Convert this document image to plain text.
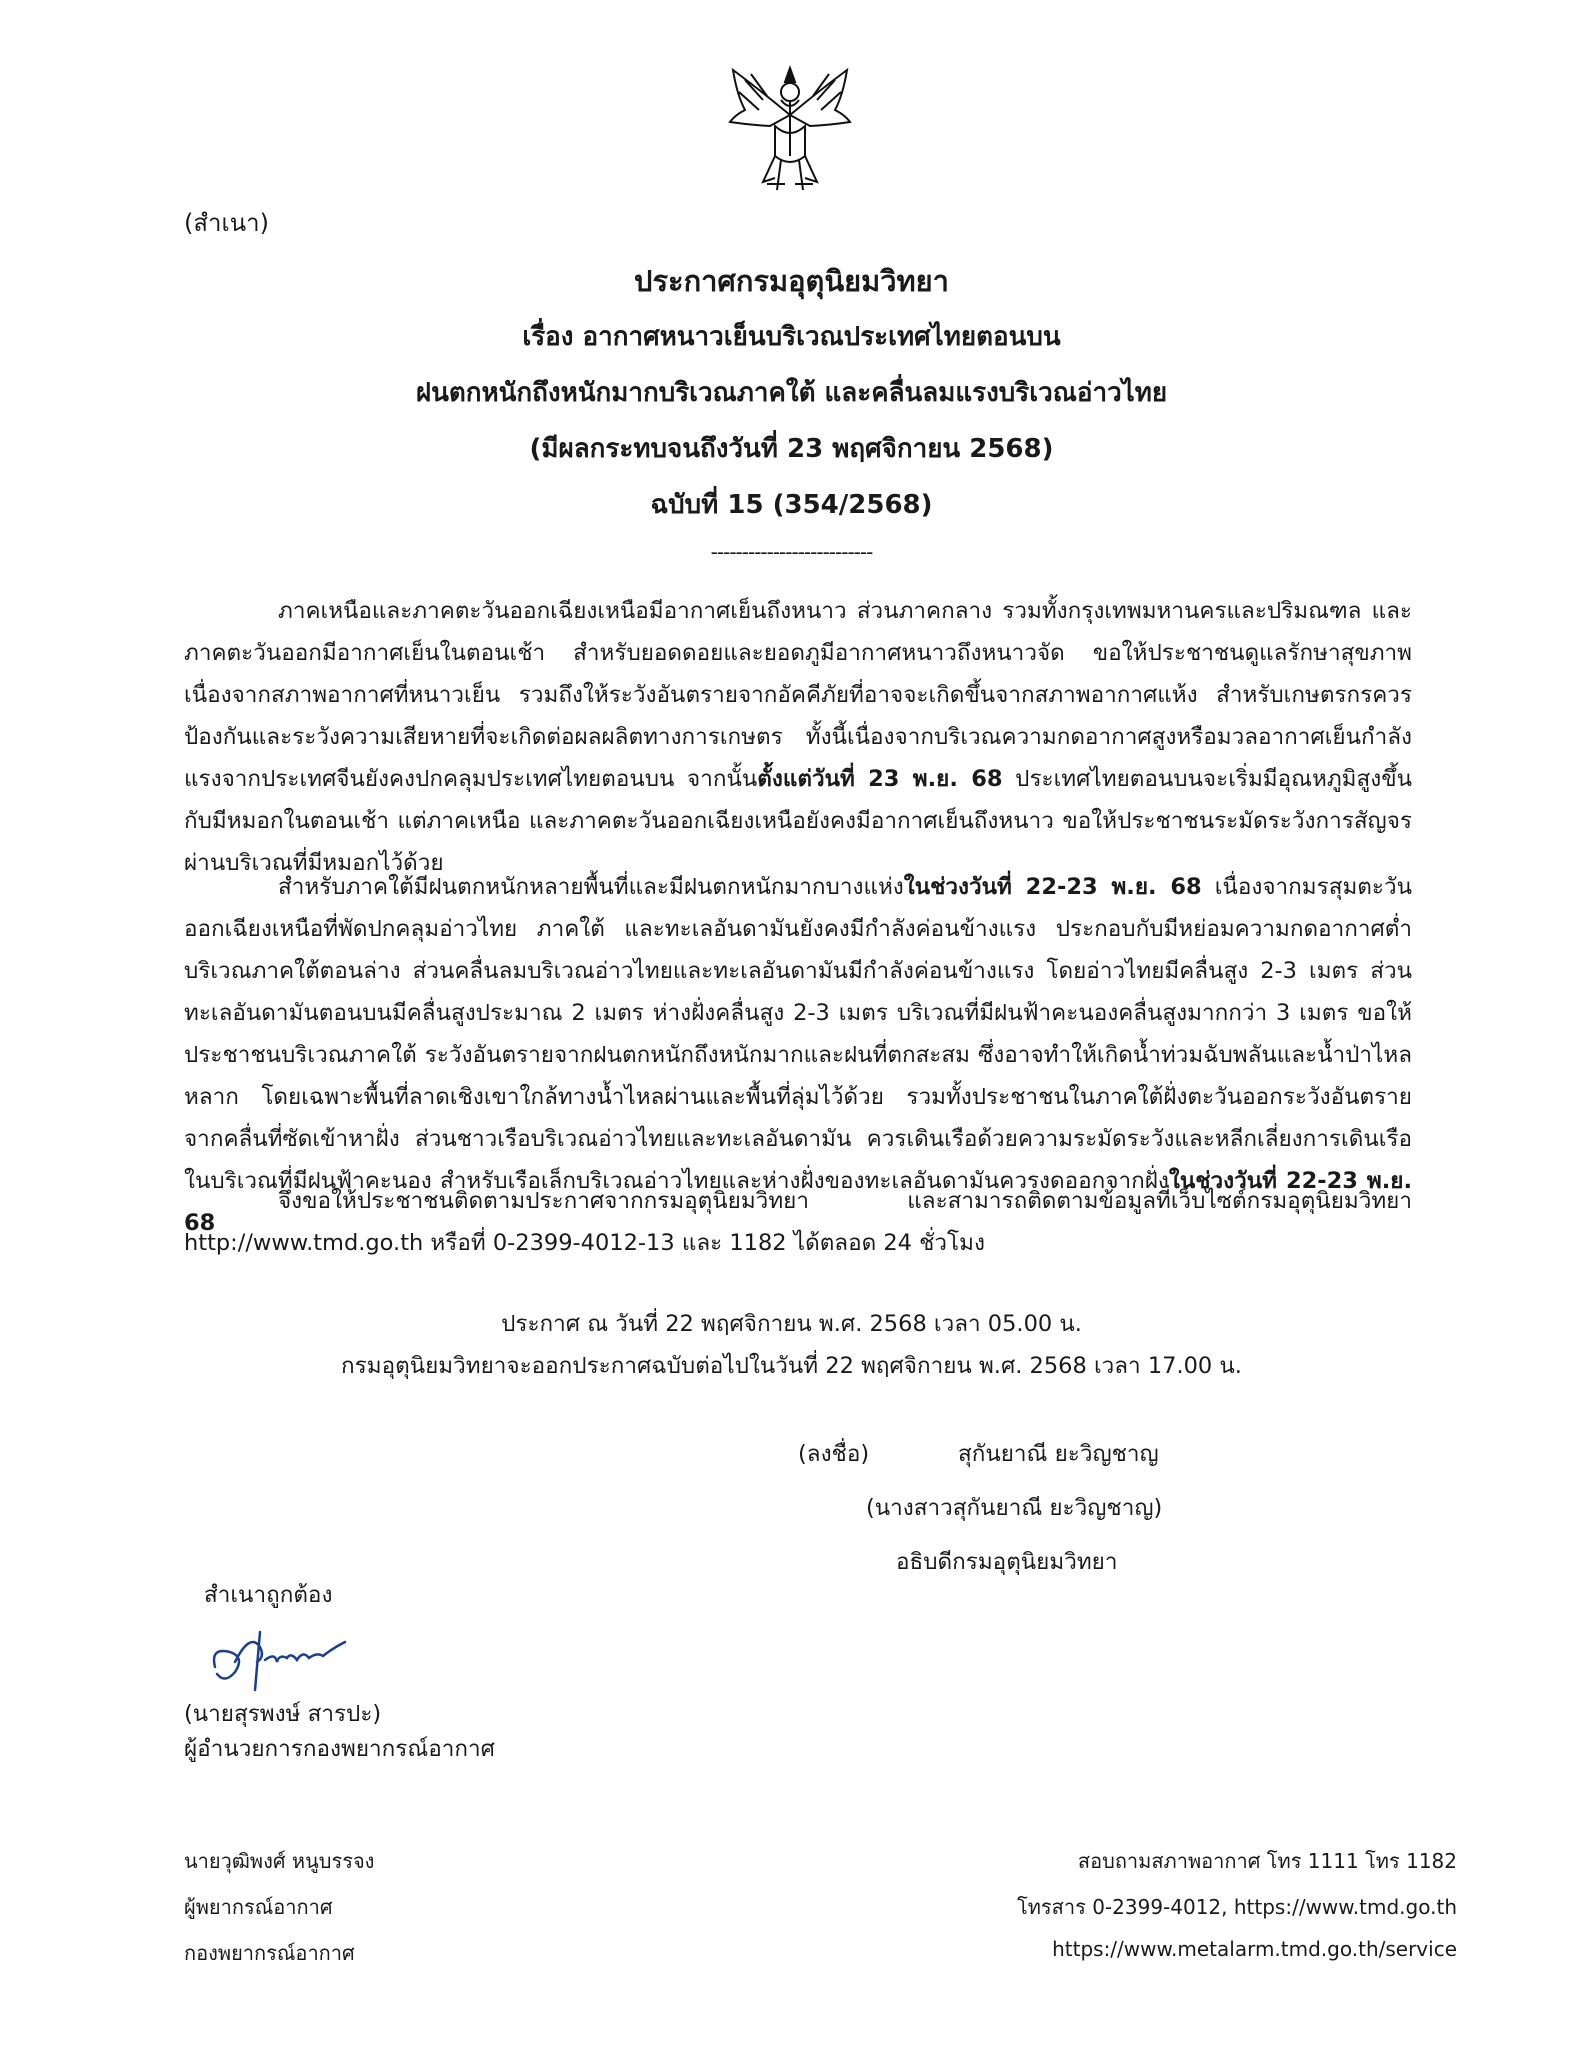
(สำเนา)

ประกาศกรมอุตุนิยมวิทยา

เรื่อง อากาศหนาวเย็นบริเวณประเทศไทยตอนบน

ฝนตกหนักถึงหนักมากบริเวณภาคใต้ และคลื่นลมแรงบริเวณอ่าวไทย

(มีผลกระทบจนถึงวันที่ 23 พฤศจิกายน 2568)

ฉบับที่ 15 (354/2568)

--------------------------

ภาคเหนือและภาคตะวันออกเฉียงเหนือมีอากาศเย็นถึงหนาว ส่วนภาคกลาง รวมทั้งกรุงเทพมหานครและปริมณฑล และภาคตะวันออกมีอากาศเย็นในตอนเช้า สำหรับยอดดอยและยอดภูมีอากาศหนาวถึงหนาวจัด ขอให้ประชาชนดูแลรักษาสุขภาพเนื่องจากสภาพอากาศที่หนาวเย็น รวมถึงให้ระวังอันตรายจากอัคคีภัยที่อาจจะเกิดขึ้นจากสภาพอากาศแห้ง สำหรับเกษตรกรควรป้องกันและระวังความเสียหายที่จะเกิดต่อผลผลิตทางการเกษตร ทั้งนี้เนื่องจากบริเวณความกดอากาศสูงหรือมวลอากาศเย็นกำลังแรงจากประเทศจีนยังคงปกคลุมประเทศไทยตอนบน จากนั้นตั้งแต่วันที่ 23 พ.ย. 68 ประเทศไทยตอนบนจะเริ่มมีอุณหภูมิสูงขึ้นกับมีหมอกในตอนเช้า แต่ภาคเหนือ และภาคตะวันออกเฉียงเหนือยังคงมีอากาศเย็นถึงหนาว ขอให้ประชาชนระมัดระวังการสัญจรผ่านบริเวณที่มีหมอกไว้ด้วย

สำหรับภาคใต้มีฝนตกหนักหลายพื้นที่และมีฝนตกหนักมากบางแห่งในช่วงวันที่ 22-23 พ.ย. 68 เนื่องจากมรสุมตะวันออกเฉียงเหนือที่พัดปกคลุมอ่าวไทย ภาคใต้ และทะเลอันดามันยังคงมีกำลังค่อนข้างแรง ประกอบกับมีหย่อมความกดอากาศต่ำบริเวณภาคใต้ตอนล่าง ส่วนคลื่นลมบริเวณอ่าวไทยและทะเลอันดามันมีกำลังค่อนข้างแรง โดยอ่าวไทยมีคลื่นสูง 2-3 เมตร ส่วนทะเลอันดามันตอนบนมีคลื่นสูงประมาณ 2 เมตร ห่างฝั่งคลื่นสูง 2-3 เมตร บริเวณที่มีฝนฟ้าคะนองคลื่นสูงมากกว่า 3 เมตร ขอให้ประชาชนบริเวณภาคใต้ ระวังอันตรายจากฝนตกหนักถึงหนักมากและฝนที่ตกสะสม ซึ่งอาจทำให้เกิดน้ำท่วมฉับพลันและน้ำป่าไหลหลาก โดยเฉพาะพื้นที่ลาดเชิงเขาใกล้ทางน้ำไหลผ่านและพื้นที่ลุ่มไว้ด้วย รวมทั้งประชาชนในภาคใต้ฝั่งตะวันออกระวังอันตรายจากคลื่นที่ซัดเข้าหาฝั่ง ส่วนชาวเรือบริเวณอ่าวไทยและทะเลอันดามัน ควรเดินเรือด้วยความระมัดระวังและหลีกเลี่ยงการเดินเรือในบริเวณที่มีฝนฟ้าคะนอง สำหรับเรือเล็กบริเวณอ่าวไทยและห่างฝั่งของทะเลอันดามันควรงดออกจากฝั่งในช่วงวันที่ 22-23 พ.ย. 68

จึงขอให้ประชาชนติดตามประกาศจากกรมอุตุนิยมวิทยา และสามารถติดตามข้อมูลที่เว็บไซต์กรมอุตุนิยมวิทยา http://www.tmd.go.th หรือที่ 0-2399-4012-13 และ 1182 ได้ตลอด 24 ชั่วโมง

ประกาศ ณ วันที่ 22 พฤศจิกายน พ.ศ. 2568 เวลา 05.00 น.

กรมอุตุนิยมวิทยาจะออกประกาศฉบับต่อไปในวันที่ 22 พฤศจิกายน พ.ศ. 2568 เวลา 17.00 น.

(ลงชื่อ)	สุกันยาณี ยะวิญชาญ

(นางสาวสุกันยาณี ยะวิญชาญ)

อธิบดีกรมอุตุนิยมวิทยา

สำเนาถูกต้อง

(นายสุรพงษ์ สารปะ)

ผู้อำนวยการกองพยากรณ์อากาศ

นายวุฒิพงศ์ หนูบรรจง

ผู้พยากรณ์อากาศ

กองพยากรณ์อากาศ

สอบถามสภาพอากาศ โทร 1111 โทร 1182

โทรสาร 0-2399-4012, https://www.tmd.go.th

https://www.metalarm.tmd.go.th/service
